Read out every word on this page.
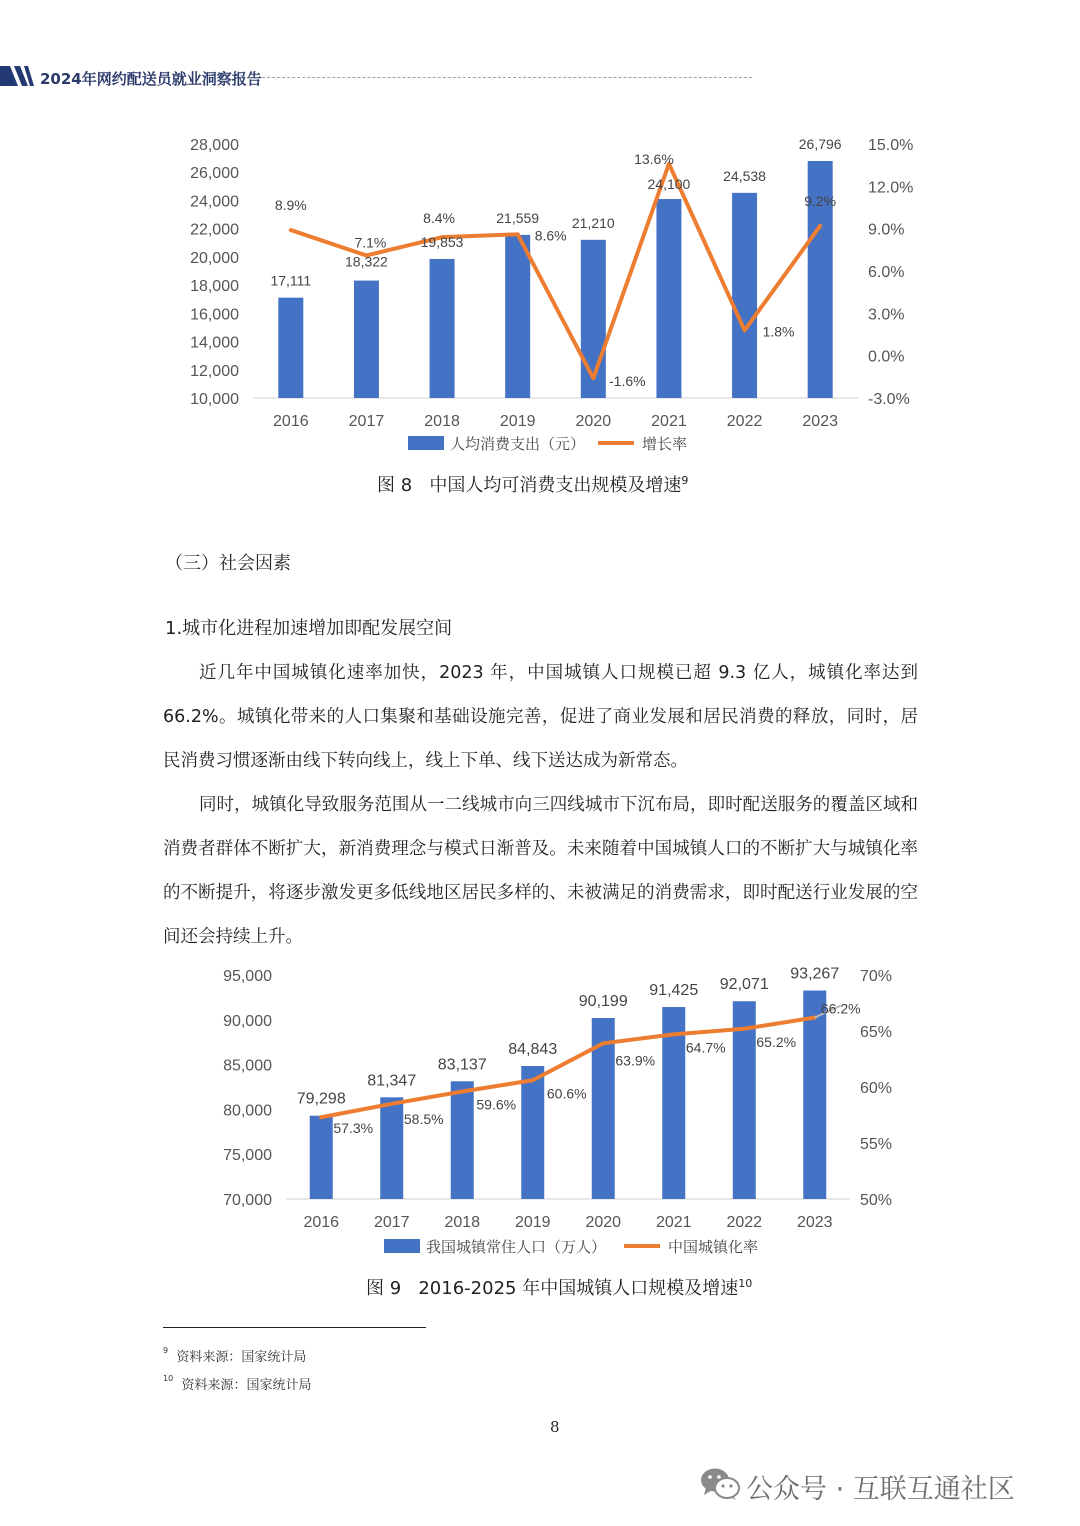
2024年网约配送员就业洞察报告
10,000
12,000
14,000
16,000
18,000
20,000
22,000
24,000
26,000
28,000
-3.0%
0.0%
3.0%
6.0%
9.0%
12.0%
15.0%
2016	2017	2018	2019	2020	2021	2022	2023
17,111
18,322
19,853
21,559 21,210
24,100
24,538
26,796
8.9%
7.1%
8.4%
8.6%
-1.6%
13.6%
1.8%
9.2%
人均消费支出（元）	增长率
图 8 中国人均可消费支出规模及增速$^9$
（三）社会因素
1.城市化进程加速增加即配发展空间

近几年中国城镇化速率加快，2023 年，中国城镇人口规模已超 9.3 亿人，城镇化率达到 66.2%。城镇化带来的人口集聚和基础设施完善，促进了商业发展和居民消费的释放，同时，居民消费习惯逐渐由线下转向线上，线上下单、线下送达成为新常态。

同时，城镇化导致服务范围从一二线城市向三四线城市下沉布局，即时配送服务的覆盖区域和消费者群体不断扩大，新消费理念与模式日渐普及。未来随着中国城镇人口的不断扩大与城镇化率的不断提升，将逐步激发更多低线地区居民多样的、未被满足的消费需求，即时配送行业发展的空间还会持续上升。

70,000
75,000
80,000
85,000
90,000
95,000
50%
55%
60%
65%
70%
2016 2017 2018 2019 2020 2021 2022 2023
79,298
81,347
83,137
84,843
90,199
91,425 92,071
93,267
57.3%
58.5%
59.6%
60.6%
63.9%
64.7% 65.2%
66.2%
我国城镇常住人口（万人）	中国城镇化率
图 9 2016-2025 年中国城镇人口规模及增速$^{10}$
$^9$ 资料来源：国家统计局
$^{10}$ 资料来源：国家统计局
8
公众号 · 互联互通社区
